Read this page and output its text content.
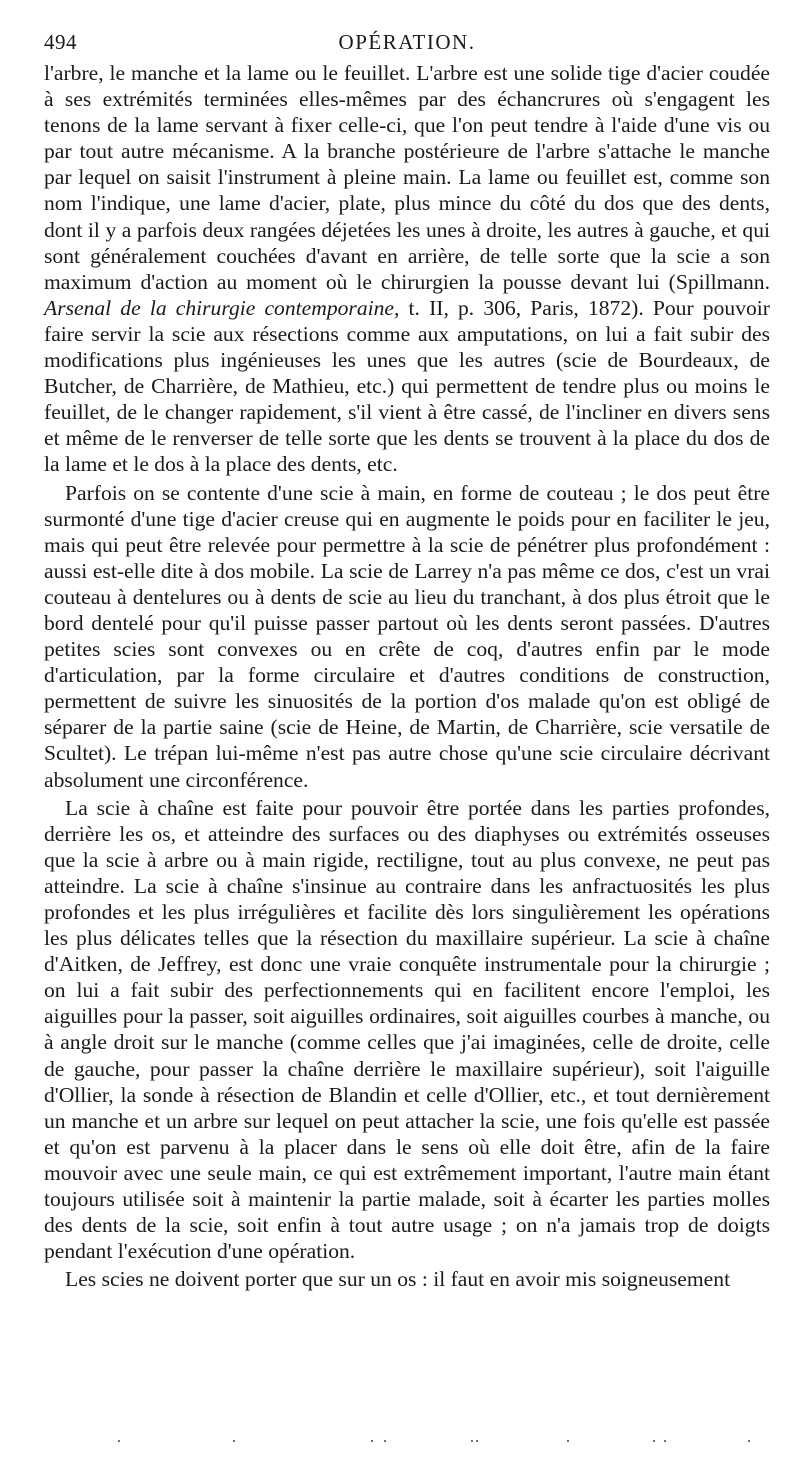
494	OPÉRATION.

l'arbre, le manche et la lame ou le feuillet. L'arbre est une solide tige d'acier coudée à ses extrémités terminées elles-mêmes par des échancrures où s'engagent les tenons de la lame servant à fixer celle-ci, que l'on peut tendre à l'aide d'une vis ou par tout autre mécanisme. A la branche postérieure de l'arbre s'attache le manche par lequel on saisit l'instrument à pleine main. La lame ou feuillet est, comme son nom l'indique, une lame d'acier, plate, plus mince du côté du dos que des dents, dont il y a parfois deux rangées déjetées les unes à droite, les autres à gauche, et qui sont généralement couchées d'avant en arrière, de telle sorte que la scie a son maximum d'action au moment où le chirurgien la pousse devant lui (Spillmann. Arsenal de la chirurgie contemporaine, t. II, p. 306, Paris, 1872). Pour pouvoir faire servir la scie aux résections comme aux amputations, on lui a fait subir des modifications plus ingénieuses les unes que les autres (scie de Bourdeaux, de Butcher, de Charrière, de Mathieu, etc.) qui permettent de tendre plus ou moins le feuillet, de le changer rapidement, s'il vient à être cassé, de l'incliner en divers sens et même de le renverser de telle sorte que les dents se trouvent à la place du dos de la lame et le dos à la place des dents, etc.

Parfois on se contente d'une scie à main, en forme de couteau ; le dos peut être surmonté d'une tige d'acier creuse qui en augmente le poids pour en faciliter le jeu, mais qui peut être relevée pour permettre à la scie de pénétrer plus profondément : aussi est-elle dite à dos mobile. La scie de Larrey n'a pas même ce dos, c'est un vrai couteau à dentelures ou à dents de scie au lieu du tranchant, à dos plus étroit que le bord dentelé pour qu'il puisse passer partout où les dents seront passées. D'autres petites scies sont convexes ou en crête de coq, d'autres enfin par le mode d'articulation, par la forme circulaire et d'autres conditions de construction, permettent de suivre les sinuosités de la portion d'os malade qu'on est obligé de séparer de la partie saine (scie de Heine, de Martin, de Charrière, scie versatile de Scultet). Le trépan lui-même n'est pas autre chose qu'une scie circulaire décrivant absolument une circonférence.

La scie à chaîne est faite pour pouvoir être portée dans les parties profondes, derrière les os, et atteindre des surfaces ou des diaphyses ou extrémités osseuses que la scie à arbre ou à main rigide, rectiligne, tout au plus convexe, ne peut pas atteindre. La scie à chaîne s'insinue au contraire dans les anfractuosités les plus profondes et les plus irrégulières et facilite dès lors singulièrement les opérations les plus délicates telles que la résection du maxillaire supérieur. La scie à chaîne d'Aitken, de Jeffrey, est donc une vraie conquête instrumentale pour la chirurgie ; on lui a fait subir des perfectionnements qui en facilitent encore l'emploi, les aiguilles pour la passer, soit aiguilles ordinaires, soit aiguilles courbes à manche, ou à angle droit sur le manche (comme celles que j'ai imaginées, celle de droite, celle de gauche, pour passer la chaîne derrière le maxillaire supérieur), soit l'aiguille d'Ollier, la sonde à résection de Blandin et celle d'Ollier, etc., et tout dernièrement un manche et un arbre sur lequel on peut attacher la scie, une fois qu'elle est passée et qu'on est parvenu à la placer dans le sens où elle doit être, afin de la faire mouvoir avec une seule main, ce qui est extrêmement important, l'autre main étant toujours utilisée soit à maintenir la partie malade, soit à écarter les parties molles des dents de la scie, soit enfin à tout autre usage ; on n'a jamais trop de doigts pendant l'exécution d'une opération.

Les scies ne doivent porter que sur un os : il faut en avoir mis soigneusement
